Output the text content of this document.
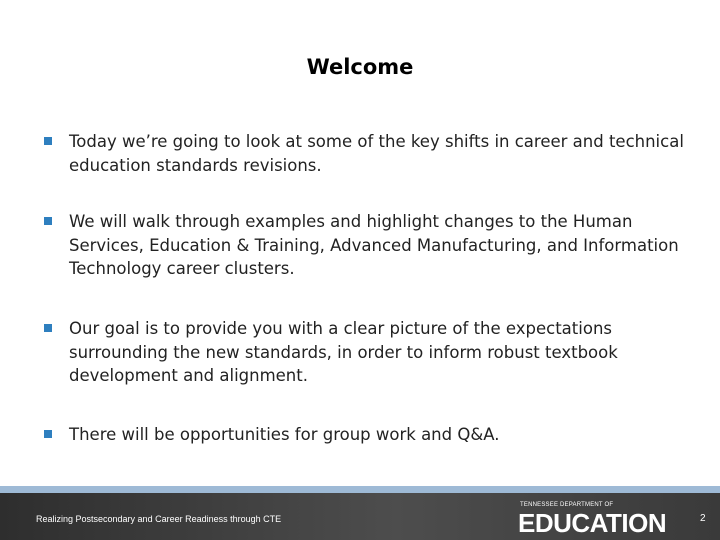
Welcome
Today we’re going to look at some of the key shifts in career and technical education standards revisions.
We will walk through examples and highlight changes to the Human Services, Education & Training, Advanced Manufacturing, and Information Technology career clusters.
Our goal is to provide you with a clear picture of the expectations surrounding the new standards, in order to inform robust textbook development and alignment.
There will be opportunities for group work and Q&A.
Realizing Postsecondary and Career Readiness through CTE
TENNESSEE DEPARTMENT OF
EDUCATION	2
